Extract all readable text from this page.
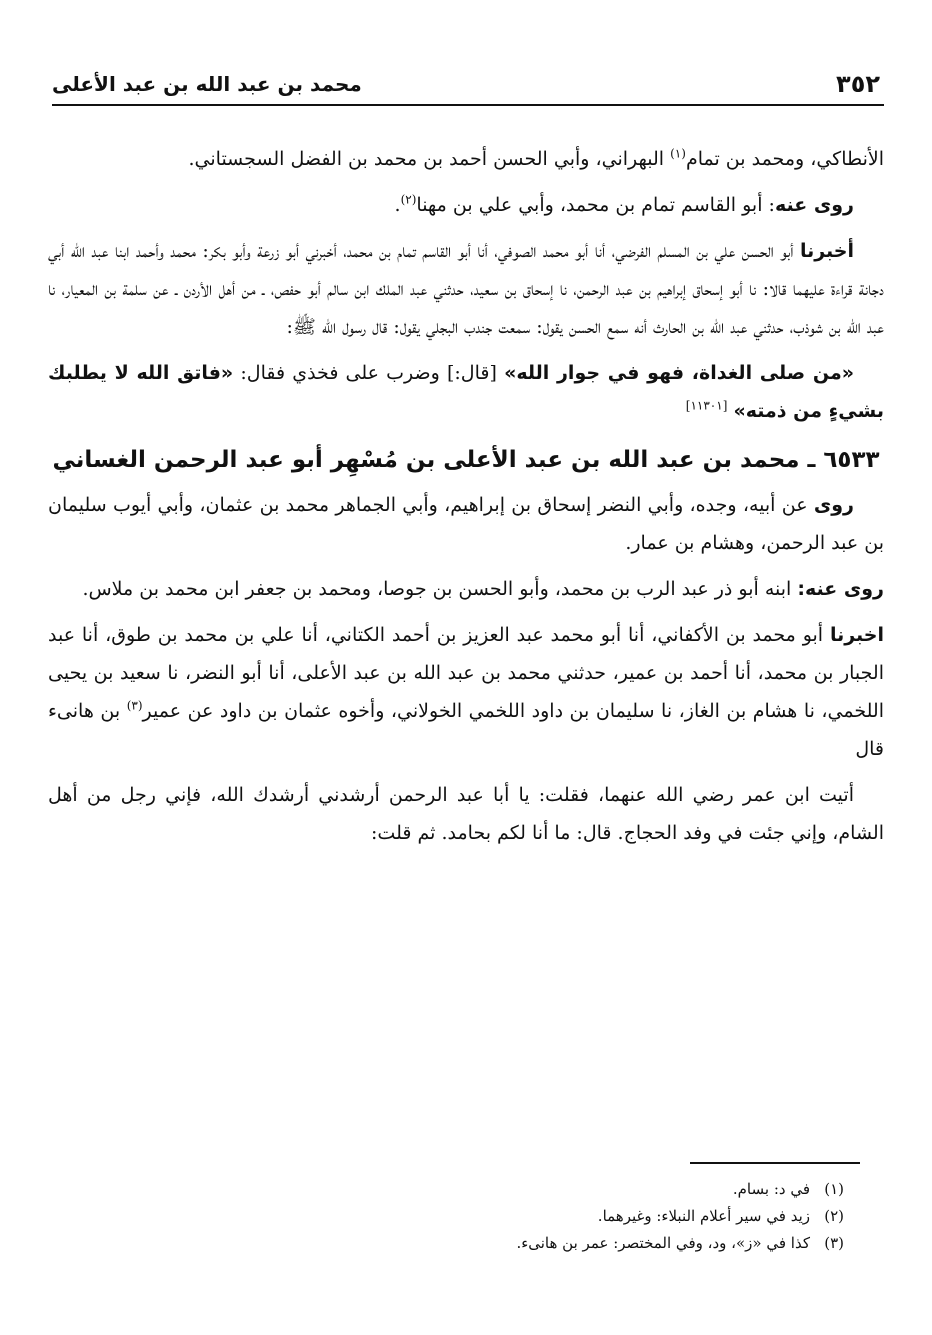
٣٥٢
محمد بن عبد الله بن عبد الأعلى

الأنطاكي، ومحمد بن تمام$^{(١)}$ البهراني، وأبي الحسن أحمد بن محمد بن الفضل السجستاني.

روى عنه: أبو القاسم تمام بن محمد، وأبي علي بن مهنا$^{(٢)}$.

أخبرنا أبو الحسن علي بن المسلم الفرضي، أنا أبو محمد الصوفي، أنا أبو القاسم تمام بن محمد، أخبرني أبو زرعة وأبو بكر: محمد وأحمد ابنا عبد الله أبي دجانة قراءة عليهما قالا: نا أبو إسحاق إبراهيم بن عبد الرحمن، نا إسحاق بن سعيد، حدثني عبد الملك ابن سالم أبو حفص، ـ من أهل الأردن ـ عن سلمة بن المعيار، نا عبد الله بن شوذب، حدثني عبد الله بن الحارث أنه سمع الحسن يقول: سمعت جندب البجلي يقول: قال رسول الله ﷺ:

«من صلى الغداة، فهو في جوار الله» [قال:] وضرب على فخذي فقال: «فاتق الله لا يطلبك بشيءٍ من ذمته» [١١٣٠١]

٦٥٣٣ ـ محمد بن عبد الله بن عبد الأعلى بن مُسْهِر أبو عبد الرحمن الغساني

روى عن أبيه، وجده، وأبي النضر إسحاق بن إبراهيم، وأبي الجماهر محمد بن عثمان، وأبي أيوب سليمان بن عبد الرحمن، وهشام بن عمار.

روى عنه: ابنه أبو ذر عبد الرب بن محمد، وأبو الحسن بن جوصا، ومحمد بن جعفر ابن محمد بن ملاس.

اخبرنا أبو محمد بن الأكفاني، أنا أبو محمد عبد العزيز بن أحمد الكتاني، أنا علي بن محمد بن طوق، أنا عبد الجبار بن محمد، أنا أحمد بن عمير، حدثني محمد بن عبد الله بن عبد الأعلى، أنا أبو النضر، نا سعيد بن يحيى اللخمي، نا هشام بن الغاز، نا سليمان بن داود اللخمي الخولاني، وأخوه عثمان بن داود عن عمير$^{(٣)}$ بن هانىء قال

أتيت ابن عمر رضي الله عنهما، فقلت: يا أبا عبد الرحمن أرشدني أرشدك الله، فإني رجل من أهل الشام، وإني جئت في وفد الحجاج. قال: ما أنا لكم بحامد. ثم قلت:

(١)في د: بسام.
(٢)زيد في سير أعلام النبلاء: وغيرهما.
(٣)كذا في «ز»، ود، وفي المختصر: عمر بن هانىء.
